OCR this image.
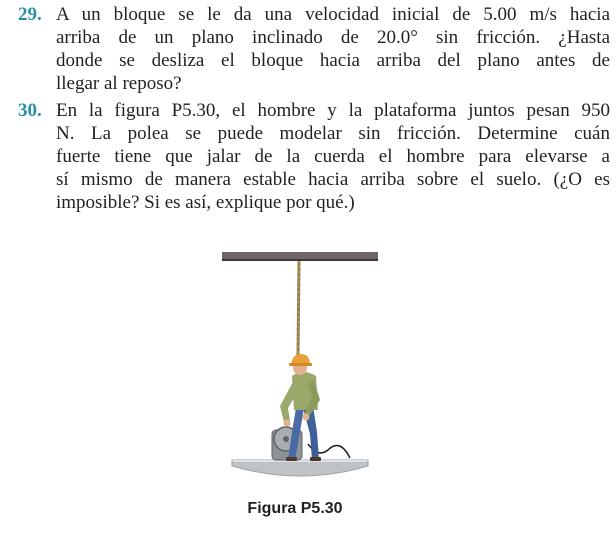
29. A un bloque se le da una velocidad inicial de 5.00 m/s hacia
arriba de un plano inclinado de 20.0° sin fricción. ¿Hasta
donde se desliza el bloque hacia arriba del plano antes de
llegar al reposo?
30. En la figura P5.30, el hombre y la plataforma juntos pesan 950
N. La polea se puede modelar sin fricción. Determine cuán
fuerte tiene que jalar de la cuerda el hombre para elevarse a
sí mismo de manera estable hacia arriba sobre el suelo. (¿O es
imposible? Si es así, explique por qué.)
Figura P5.30
